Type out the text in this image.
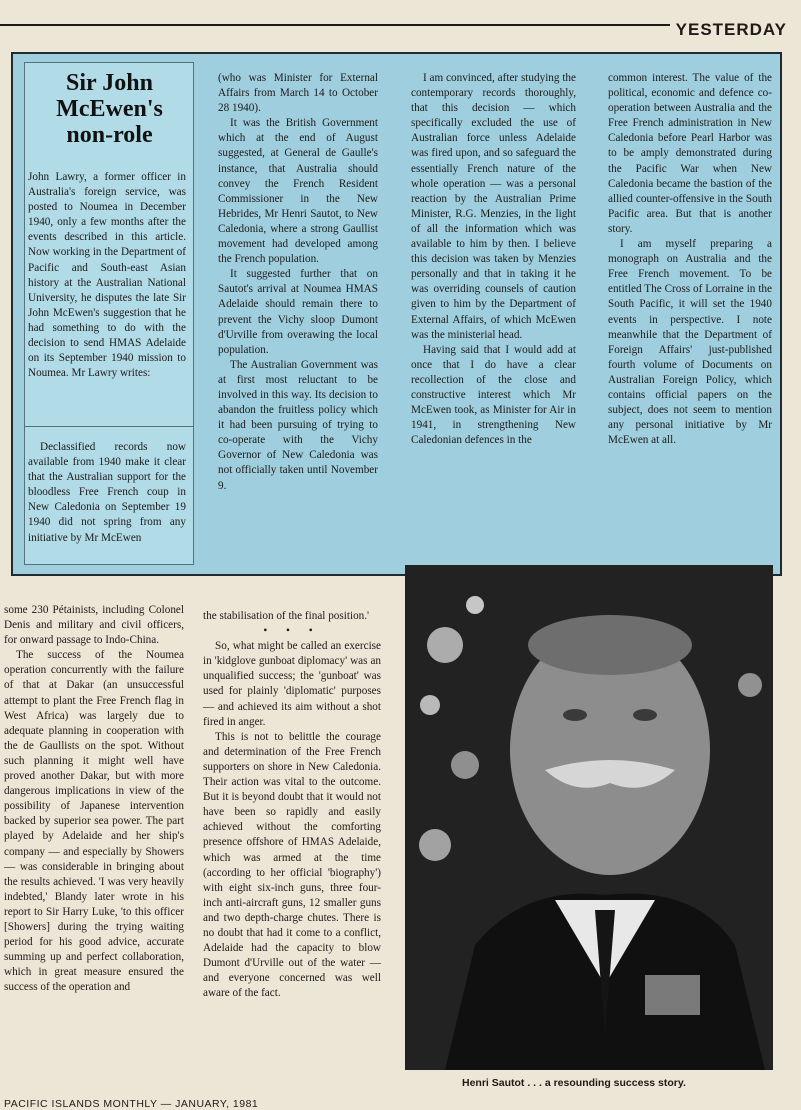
YESTERDAY
Sir John
McEwen's
non-role

John Lawry, a former officer in Australia's foreign service, was posted to Noumea in December 1940, only a few months after the events described in this article. Now working in the Department of Pacific and South-east Asian history at the Australian National University, he disputes the late Sir John McEwen's suggestion that he had something to do with the decision to send HMAS Adelaide on its September 1940 mission to Noumea. Mr Lawry writes:

Declassified records now available from 1940 make it clear that the Australian support for the bloodless Free French coup in New Caledonia on September 19 1940 did not spring from any initiative by Mr McEwen

(who was Minister for External Affairs from March 14 to October 28 1940).

It was the British Government which at the end of August suggested, at General de Gaulle's instance, that Australia should convey the French Resident Commissioner in the New Hebrides, Mr Henri Sautot, to New Caledonia, where a strong Gaullist movement had developed among the French population.

It suggested further that on Sautot's arrival at Noumea HMAS Adelaide should remain there to prevent the Vichy sloop Dumont d'Urville from overawing the local population.

The Australian Government was at first most reluctant to be involved in this way. Its decision to abandon the fruitless policy which it had been pursuing of trying to co-operate with the Vichy Governor of New Caledonia was not officially taken until November 9.

I am convinced, after studying the contemporary records thoroughly, that this decision — which specifically excluded the use of Australian force unless Adelaide was fired upon, and so safeguard the essentially French nature of the whole operation — was a personal reaction by the Australian Prime Minister, R.G. Menzies, in the light of all the information which was available to him by then. I believe this decision was taken by Menzies personally and that in taking it he was overriding counsels of caution given to him by the Department of External Affairs, of which McEwen was the ministerial head.

Having said that I would add at once that I do have a clear recollection of the close and constructive interest which Mr McEwen took, as Minister for Air in 1941, in strengthening New Caledonian defences in the

common interest. The value of the political, economic and defence co-operation between Australia and the Free French administration in New Caledonia before Pearl Harbor was to be amply demonstrated during the Pacific War when New Caledonia became the bastion of the allied counter-offensive in the South Pacific area. But that is another story.

I am myself preparing a monograph on Australia and the Free French movement. To be entitled The Cross of Lorraine in the South Pacific, it will set the 1940 events in perspective. I note meanwhile that the Department of Foreign Affairs' just-published fourth volume of Documents on Australian Foreign Policy, which contains official papers on the subject, does not seem to mention any personal initiative by Mr McEwen at all.

some 230 Pétainists, including Colonel Denis and military and civil officers, for onward passage to Indo-China.

The success of the Noumea operation concurrently with the failure of that at Dakar (an unsuccessful attempt to plant the Free French flag in West Africa) was largely due to adequate planning in cooperation with the de Gaullists on the spot. Without such planning it might well have proved another Dakar, but with more dangerous implications in view of the possibility of Japanese intervention backed by superior sea power. The part played by Adelaide and her ship's company — and especially by Showers — was considerable in bringing about the results achieved. 'I was very heavily indebted,' Blandy later wrote in his report to Sir Harry Luke, 'to this officer [Showers] during the trying waiting period for his good advice, accurate summing up and perfect collaboration, which in great measure ensured the success of the operation and

the stabilisation of the final position.'

• • •

So, what might be called an exercise in 'kidglove gunboat diplomacy' was an unqualified success; the 'gunboat' was used for plainly 'diplomatic' purposes — and achieved its aim without a shot fired in anger.

This is not to belittle the courage and determination of the Free French supporters on shore in New Caledonia. Their action was vital to the outcome. But it is beyond doubt that it would not have been so rapidly and easily achieved without the comforting presence offshore of HMAS Adelaide, which was armed at the time (according to her official 'biography') with eight six-inch guns, three four-inch anti-aircraft guns, 12 smaller guns and two depth-charge chutes. There is no doubt that had it come to a conflict, Adelaide had the capacity to blow Dumont d'Urville out of the water — and everyone concerned was well aware of the fact.

Henri Sautot . . . a resounding success story.
PACIFIC ISLANDS MONTHLY — JANUARY, 1981
